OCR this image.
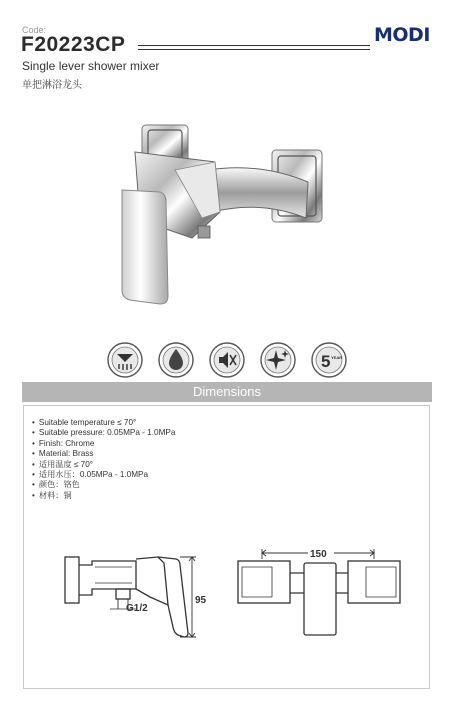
Code:
F20223CP	MODI
Single lever shower mixer
单把淋浴龙头
5 YEAR
Dimensions
• Suitable temperature ≤ 70°
• Suitable pressure: 0.05MPa - 1.0MPa
• Finish: Chrome
• Material: Brass
• 适用温度 ≤ 70°
• 适用水压：0.05MPa - 1.0MPa
• 颜色：铬色
• 材料：铜
150
95
G1/2
